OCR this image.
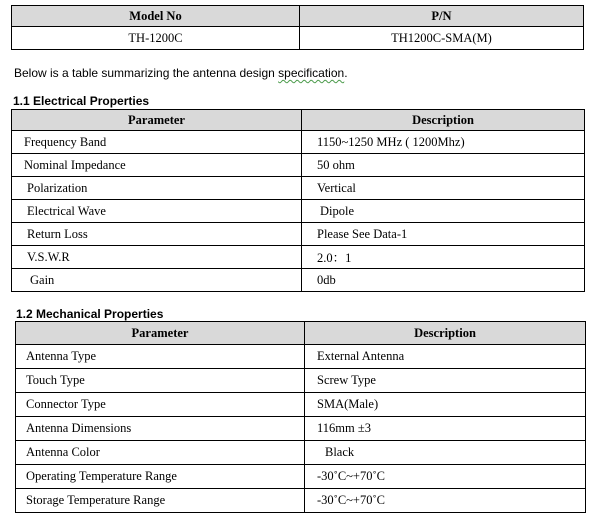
Model No	P/N
TH-1200C	TH1200C-SMA(M)
Below is a table summarizing the antenna design specification.
1.1 Electrical Properties
Parameter	Description
Frequency Band	1150~1250 MHz ( 1200Mhz)
Nominal Impedance	50 ohm
Polarization	Vertical
Electrical Wave	Dipole
Return Loss	Please See Data-1
V.S.W.R	2.0：1
Gain	0db
1.2 Mechanical Properties
Parameter	Description
Antenna Type	External Antenna
Touch Type	Screw Type
Connector Type	SMA(Male)
Antenna Dimensions	116mm ±3
Antenna Color	Black
Operating Temperature Range	-30˚C~+70˚C
Storage Temperature Range	-30˚C~+70˚C
